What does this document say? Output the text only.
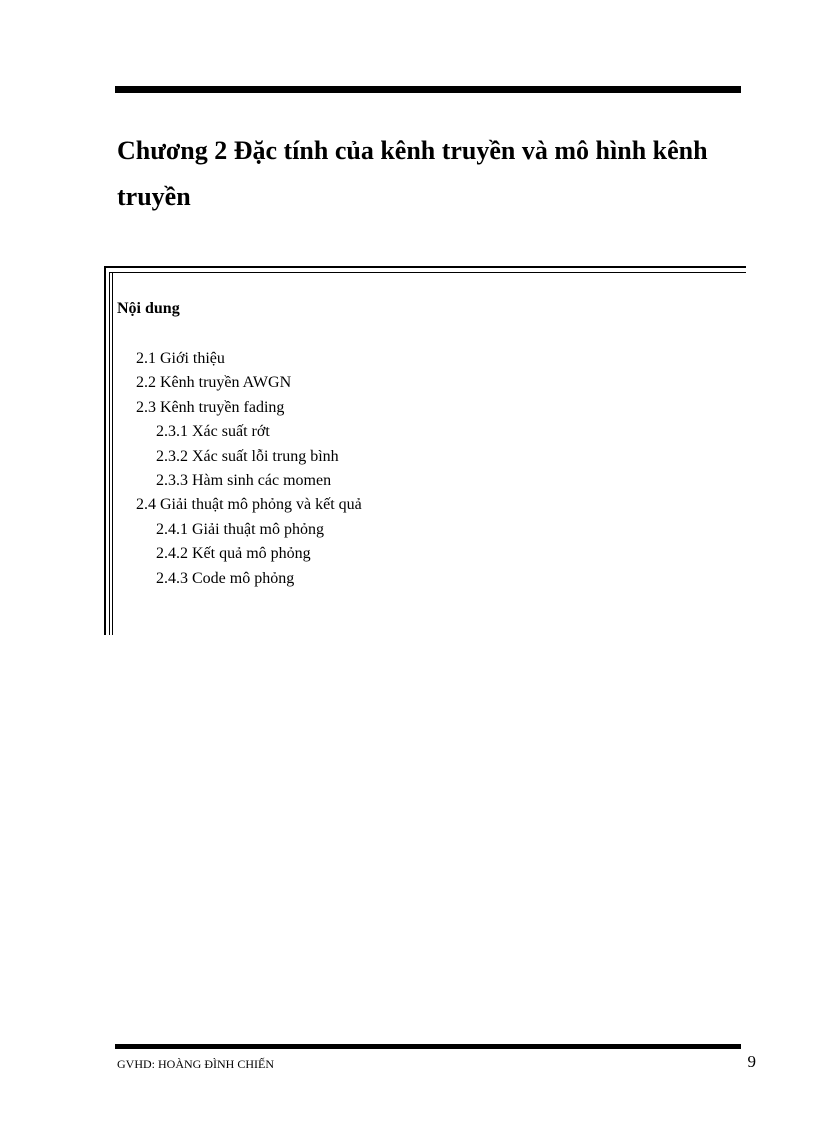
Chương 2 Đặc tính của kênh truyền và mô hình kênh truyền
Nội dung
2.1 Giới thiệu
2.2 Kênh truyền AWGN
2.3 Kênh truyền fading
2.3.1 Xác suất rớt
2.3.2 Xác suất lỗi trung bình
2.3.3 Hàm sinh các momen
2.4 Giải thuật mô phỏng và kết quả
2.4.1 Giải thuật mô phỏng
2.4.2 Kết quả mô phỏng
2.4.3 Code mô phỏng
GVHD: HOÀNG ĐÌNH CHIẾN	9
